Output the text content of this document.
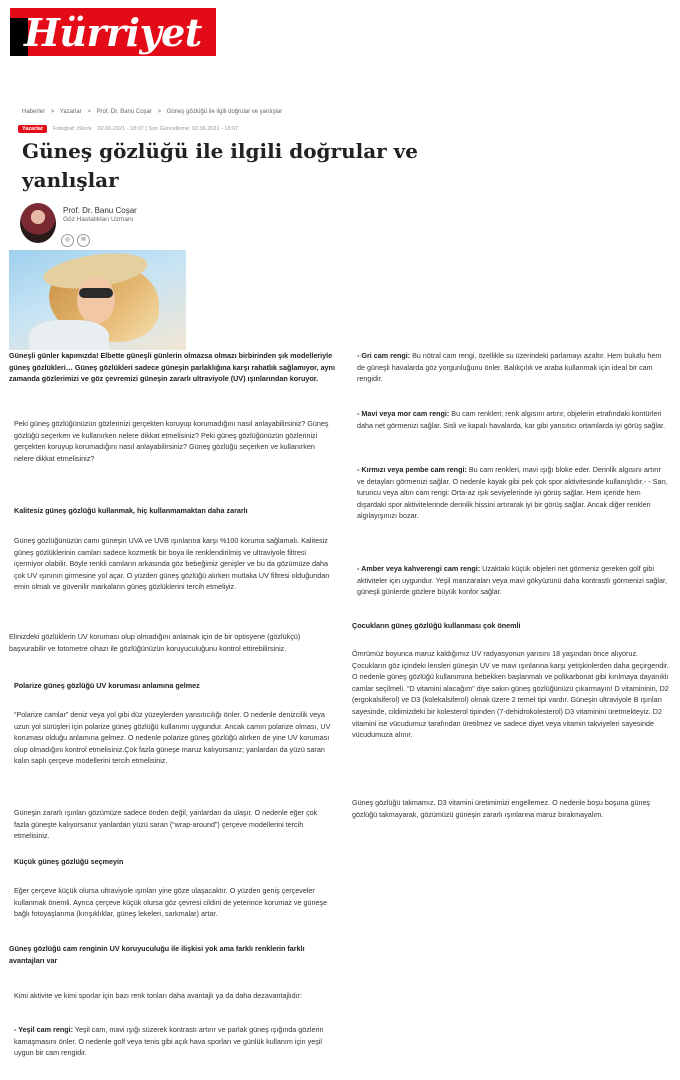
Hürriyet
Haberler > Yazarlar > Prof. Dr. Banu Coşar > Güneş gözlüğü ile ilgili doğrular ve yanlışlar
Yazarlar	Fotoğraf: iStock 02.06.2021 - 18:07 | Son Güncelleme: 02.06.2021 - 18:07
Güneş gözlüğü ile ilgili doğrular ve yanlışlar
Prof. Dr. Banu Coşar
Göz Hastalıkları Uzmanı
◎	✉

Güneşli günler kapımızda! Elbette güneşli günlerin olmazsa olmazı birbirinden şık modelleriyle güneş gözlükleri… Güneş gözlükleri sadece güneşin parlaklığına karşı rahatlık sağlamıyor, aynı zamanda gözlerimizi ve göz çevremizi güneşin zararlı ultraviyole (UV) ışınlarından koruyor.

Peki güneş gözlüğünüzün gözlerinizi gerçekten koruyup korumadığını nasıl anlayabilirsiniz? Güneş gözlüğü seçerken ve kullanırken nelere dikkat etmelisiniz? Peki güneş gözlüğünüzün gözlerinizi gerçekten koruyup korumadığını nasıl anlayabilirsiniz? Güneş gözlüğü seçerken ve kullanırken nelere dikkat etmelisiniz?

Kalitesiz güneş gözlüğü kullanmak, hiç kullanmamaktan daha zararlı
Güneş gözlüğünüzün camı güneşin UVA ve UVB ışınlarına karşı %100 koruma sağlamalı. Kalitesiz güneş gözlüklerinin camları sadece kozmetik bir boya ile renklendirilmiş ve ultraviyole filtresi içermiyor olabilir. Böyle renkli camların arkasında göz bebeğimiz genişler ve bu da gözümüze daha çok UV ışınının girmesine yol açar. O yüzden güneş gözlüğü alırken mutlaka UV filtresi olduğundan emin olmalı ve güvenilir markaların güneş gözlüklerini tercih etmeliyiz.
Elinizdeki gözlüklerin UV koruması olup olmadığını anlamak için de bir optisyene (gözlükçü) başvurabilir ve fotometre cihazı ile gözlüğünüzün koruyuculuğunu kontrol ettirebilirsiniz.
Polarize güneş gözlüğü UV koruması anlamına gelmez
“Polarize camlar” deniz veya yol gibi düz yüzeylerden yansıtıcılığı önler. O nedenle denizcilik veya uzun yol sürüşleri için polarize güneş gözlüğü kullanımı uygundur. Ancak camın polarize olması, UV koruması olduğu anlamına gelmez. O nedenle polarize güneş gözlüğü alırken de yine UV koruması olup olmadığını kontrol etmelisiniz.Çok fazla güneşe maruz kalıyorsanız; yanlardan da yüzü saran kalın saplı çerçeve modellerini tercih etmelisiniz.
Güneşin zararlı ışınları gözümüze sadece önden değil, yanlardan da ulaşır. O nedenle eğer çok fazla güneşte kalıyorsanız yanlardan yüzü saran (“wrap-around”) çerçeve modellerini tercih etmelisiniz.
Küçük güneş gözlüğü seçmeyin
Eğer çerçeve küçük olursa ultraviyole ışınları yine göze ulaşacaktır. O yüzden geniş çerçeveler kullanmak önemli. Ayrıca çerçeve küçük olursa göz çevresi cildini de yeterince korumaz ve güneşe bağlı fotoyaşlanma (kırışıklıklar, güneş lekeleri, sarkmalar) artar.
Güneş gözlüğü cam renginin UV koruyuculuğu ile ilişkisi yok ama farklı renklerin farklı avantajları var
Kimi aktivite ve kimi sporlar için bazı renk tonları daha avantajlı ya da daha dezavantajlıdır:
- Yeşil cam rengi: Yeşil cam, mavi ışığı süzerek kontrastı artırır ve parlak güneş ışığında gözlerin kamaşmasını önler. O nedenle golf veya tenis gibi açık hava sporları ve günlük kullanım için yeşil uygun bir cam rengidir.
- Gri cam rengi: Bu nötral cam rengi, özellikle su üzerindeki parlamayı azaltır. Hem bulutlu hem de güneşli havalarda göz yorgunluğunu önler. Balıkçılık ve araba kullanmak için ideal bir cam rengidir.
- Mavi veya mor cam rengi: Bu cam renkleri; renk algısını artırır, objelerin etrafındaki kontürleri daha net görmenizi sağlar. Sisli ve kapalı havalarda, kar gibi yansıtıcı ortamlarda iyi görüş sağlar.
- Kırmızı veya pembe cam rengi: Bu cam renkleri, mavi ışığı bloke eder. Derinlik algısını artırır ve detayları görmenizi sağlar. O nedenle kayak gibi pek çok spor aktivitesinde kullanışlıdır.- - Sarı, turuncu veya altın cam rengi: Orta-az ışık seviyelerinde iyi görüş sağlar. Hem içeride hem dışardaki spor aktivitelerinde derinlik hissini artırarak iyi bir görüş sağlar. Ancak diğer renkleri algılayışınızı bozar.
- Amber veya kahverengi cam rengi: Uzaktaki küçük objeleri net görmeniz gereken golf gibi aktiviteler için uygundur. Yeşil manzaraları veya mavi gökyüzünü daha kontrastlı görmenizi sağlar, güneşli günlerde gözlere büyük konfor sağlar.
Çocukların güneş gözlüğü kullanması çok önemli
Ömrümüz boyunca maruz kaldığımız UV radyasyonun yarısını 18 yaşından önce alıyoruz. Çocukların göz içindeki lensleri güneşin UV ve mavi ışınlarına karşı yetişkinlerden daha geçirgendir. O nedenle güneş gözlüğü kullanımına bebekken başlanmalı ve polikarbonat gibi kırılmaya dayanıklı camlar seçilmeli. “D vitamini alacağım” diye sakın güneş gözlüğünüzü çıkarmayın! D vitamininin, D2 (ergokalsiferol) ve D3 (kolekalsiferol) olmak üzere 2 temel tipi vardır. Güneşin ultraviyole B ışınları sayesinde, cildimizdeki bir kolesterol tipinden (7-dehidrokolesterol) D3 vitaminini üretmekteyiz. D2 vitamini ise vücudumuz tarafından üretilmez ve sadece diyet veya vitamin takviyeleri sayesinde vücudumuza alınır.
Güneş gözlüğü takmamız, D3 vitamini üretimimizi engellemez. O nedenle boşu boşuna güneş gözlüğü takmayarak, gözümüzü güneşin zararlı ışınlarına maruz bırakmayalım.
